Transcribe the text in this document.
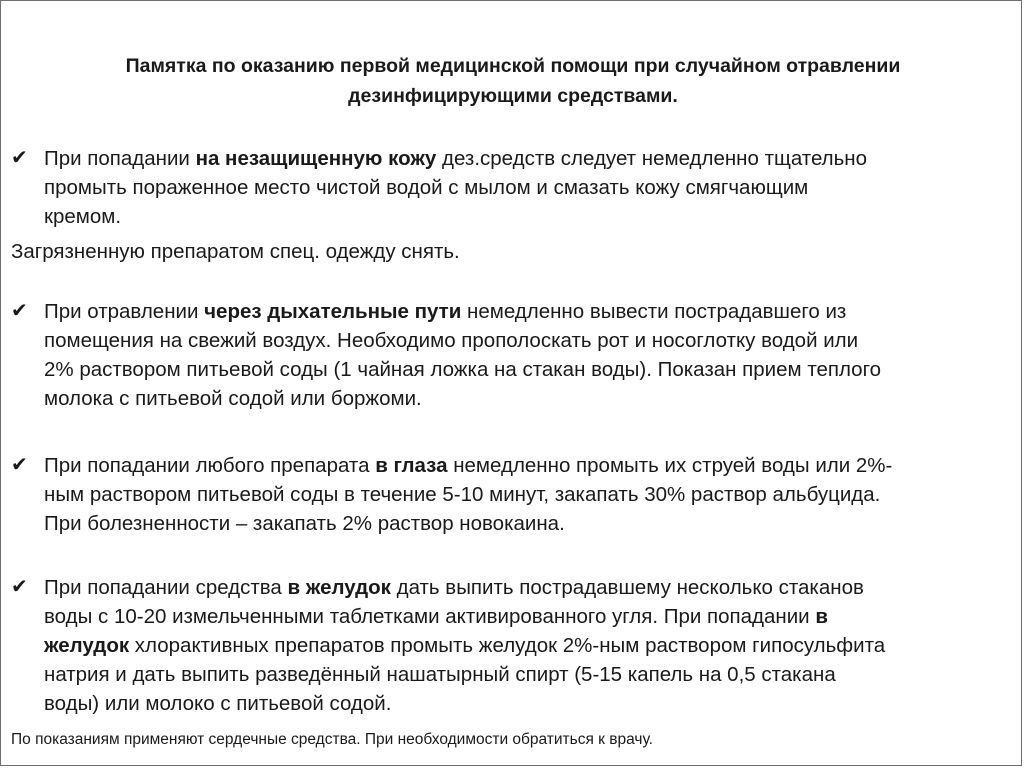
Памятка по оказанию первой медицинской помощи при случайном отравлении
дезинфицирующими средствами.
✔ При попадании на незащищенную кожу дез.средств следует немедленно тщательно
промыть пораженное место чистой водой с мылом и смазать кожу смягчающим
кремом.
Загрязненную препаратом спец. одежду снять.
✔ При отравлении через дыхательные пути немедленно вывести пострадавшего из
помещения на свежий воздух. Необходимо прополоскать рот и носоглотку водой или
2% раствором питьевой соды (1 чайная ложка на стакан воды). Показан прием теплого
молока с питьевой содой или боржоми.
✔ При попадании любого препарата в глаза немедленно промыть их струей воды или 2%-
ным раствором питьевой соды в течение 5-10 минут, закапать 30% раствор альбуцида.
При болезненности – закапать 2% раствор новокаина.
✔ При попадании средства в желудок дать выпить пострадавшему несколько стаканов
воды с 10-20 измельченными таблетками активированного угля. При попадании в
желудок хлорактивных препаратов промыть желудок 2%-ным раствором гипосульфита
натрия и дать выпить разведённый нашатырный спирт (5-15 капель на 0,5 стакана
воды) или молоко с питьевой содой.
По показаниям применяют сердечные средства. При необходимости обратиться к врачу.
